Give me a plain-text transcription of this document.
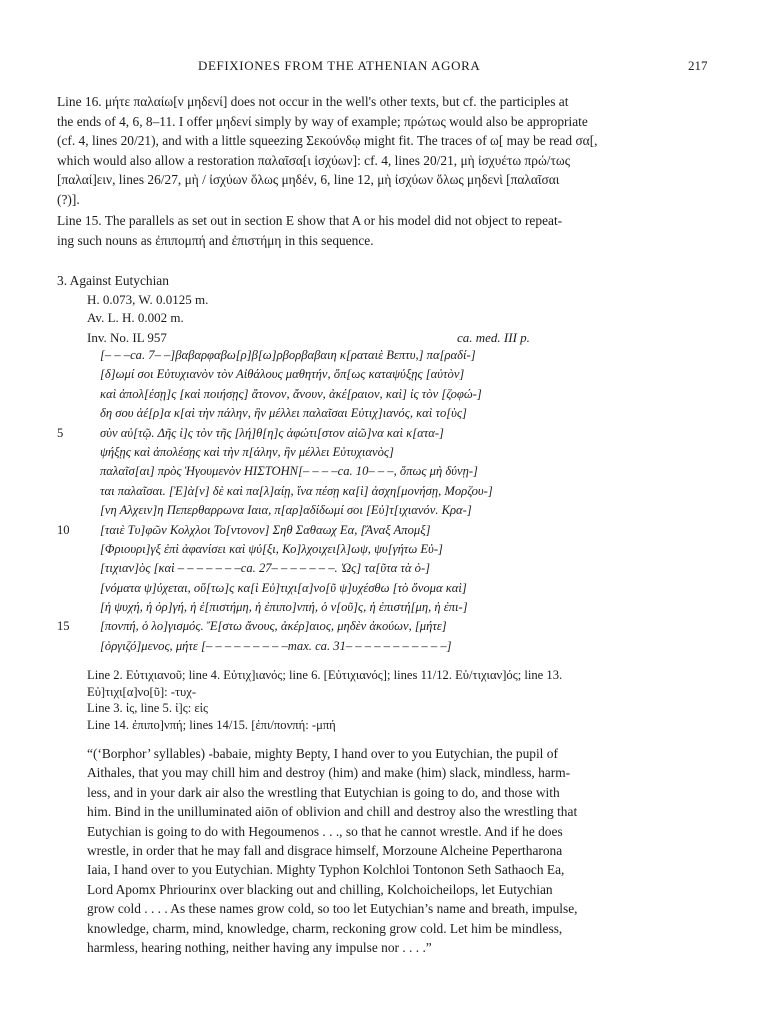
DEFIXIONES FROM THE ATHENIAN AGORA	217
Line 16. μήτε παλαίω[ν μηδενί] does not occur in the well's other texts, but cf. the participles at
the ends of 4, 6, 8–11. I offer μηδενί simply by way of example; πρώτως would also be appropriate
(cf. 4, lines 20/21), and with a little squeezing Σεκούνδῳ might fit. The traces of ω[ may be read σα[,
which would also allow a restoration παλαῖσα[ι ἰσχύων]: cf. 4, lines 20/21, μὴ ἰσχυέτω πρώ/τως
[παλαί]ειν, lines 26/27, μὴ / ἰσχύων ὅλως μηδέν, 6, line 12, μὴ ἰσχύων ὅλως μηδενὶ [παλαῖσαι
(?)].
Line 15. The parallels as set out in section E show that A or his model did not object to repeat-
ing such nouns as ἐπιπομπή and ἐπιστήμη in this sequence.
3. Against Eutychian
H. 0.073, W. 0.0125 m.
Av. L. H. 0.002 m.
Inv. No. IL 957	ca. med. III p.
[– – –ca. 7– –]βαβαρφαβω[ρ]β[ω]ρβορβαβαιη κ[ραταιὲ Βεπτυ,] πα[ραδί-]
[δ]ωμί σοι Εὐτυχιανὸν τὸν Αἰθάλους μαθητήν, ὅπ[ως καταψύξῃς [αὐτὸν]
καὶ ἀπολ[έσῃ]ς [καὶ ποιήσῃς] ἄτονον, ἄνουν, ἀκέ[ραιον, καὶ] ἰς τὸν [ζοφώ-]
δη σου ἀέ[ρ]α κ[αὶ τὴν πάλην, ἣν μέλλει παλαῖσαι Εὐτιχ]ιανός, καὶ το[ὺς]
5	σὺν αὐ[τῷ. Δῆς ἰ]ς τὸν τῆς [λή]θ[η]ς ἀφώτι[στον αἰῶ]να καὶ κ[ατα-]
ψήξῃς καὶ ἀπολέσῃς καὶ τὴν π[άλην, ἣν μέλλει Εὐτυχιανὸς]
παλαῖσ[αι] πρὸς Ἡγουμενὸν ΗΙΣΤΟΗΝ[– – – –ca. 10– – –, ὅπως μὴ δύνῃ-]
ται παλαῖσαι. [Ἐ]ὰ[ν] δὲ καὶ πα[λ]αίῃ, ἵνα πέσῃ κα[ὶ] ἀσχη[μονήσῃ, Μορζου-]
[νη Αλχειν]η Πεπερθαρρωνα Ιαια, π[αρ]αδίδωμί σοι [Εὐ]τ[ιχιανόν. Κρα-]
10	[ταιὲ Τυ]φῶν Κολχλοι Το[ντονον] Σηθ Σαθαωχ Εα, [Ἄναξ Απομξ]
[Φριουρι]γξ ἐπὶ ἀφανίσει καὶ ψύ[ξι, Κο]λχοιχει[λ]ωψ, ψυ[γήτω Εὐ-]
[τιχιαν]ὸς [καὶ – – – – – – –ca. 27– – – – – – –. Ὡς] τα[ῦτα τὰ ὀ-]
[νόματα ψ]ύχεται, οὕ[τω]ς κα[ὶ Εὐ]τιχι[α]νο[ῦ ψ]υχέσθω [τὸ ὄνομα καὶ]
[ἡ ψυχή, ἡ ὀρ]γή, ἡ ἐ[πιστήμη, ἡ ἐπιπο]νπή, ὁ ν[οῦ]ς, ἡ ἐπιστή[μη, ἡ ἐπι-]
15	[πονπή, ὁ λο]γισμός. Ἔ[στω ἄνους, ἀκέρ]αιος, μηδὲν ἀκούων, [μήτε]
[ὀργιζό]μενος, μήτε [– – – – – – – – –max. ca. 31– – – – – – – – – – –]
Line 2. Εὐτιχιανοῦ; line 4. Εὐτιχ]ιανός; line 6. [Εὐτιχιανός]; lines 11/12. Εὐ/τιχιαν]ός; line 13.
Εὐ]τιχι[α]νο[ῦ]: -τυχ-
Line 3. ἰς, line 5. ἰ]ς: εἰς
Line 14. ἐπιπο]νπή; lines 14/15. [ἐπι/πονπή: -μπή
“(‘Borphor’ syllables) -babaie, mighty Bepty, I hand over to you Eutychian, the pupil of
Aithales, that you may chill him and destroy (him) and make (him) slack, mindless, harm-
less, and in your dark air also the wrestling that Eutychian is going to do, and those with
him. Bind in the unilluminated aiōn of oblivion and chill and destroy also the wrestling that
Eutychian is going to do with Hegoumenos . . ., so that he cannot wrestle. And if he does
wrestle, in order that he may fall and disgrace himself, Morzoune Alcheine Pepertharona
Iaia, I hand over to you Eutychian. Mighty Typhon Kolchloi Tontonon Seth Sathaoch Ea,
Lord Apomx Phriourinx over blacking out and chilling, Kolchoicheilops, let Eutychian
grow cold . . . . As these names grow cold, so too let Eutychian’s name and breath, impulse,
knowledge, charm, mind, knowledge, charm, reckoning grow cold. Let him be mindless,
harmless, hearing nothing, neither having any impulse nor . . . .”
